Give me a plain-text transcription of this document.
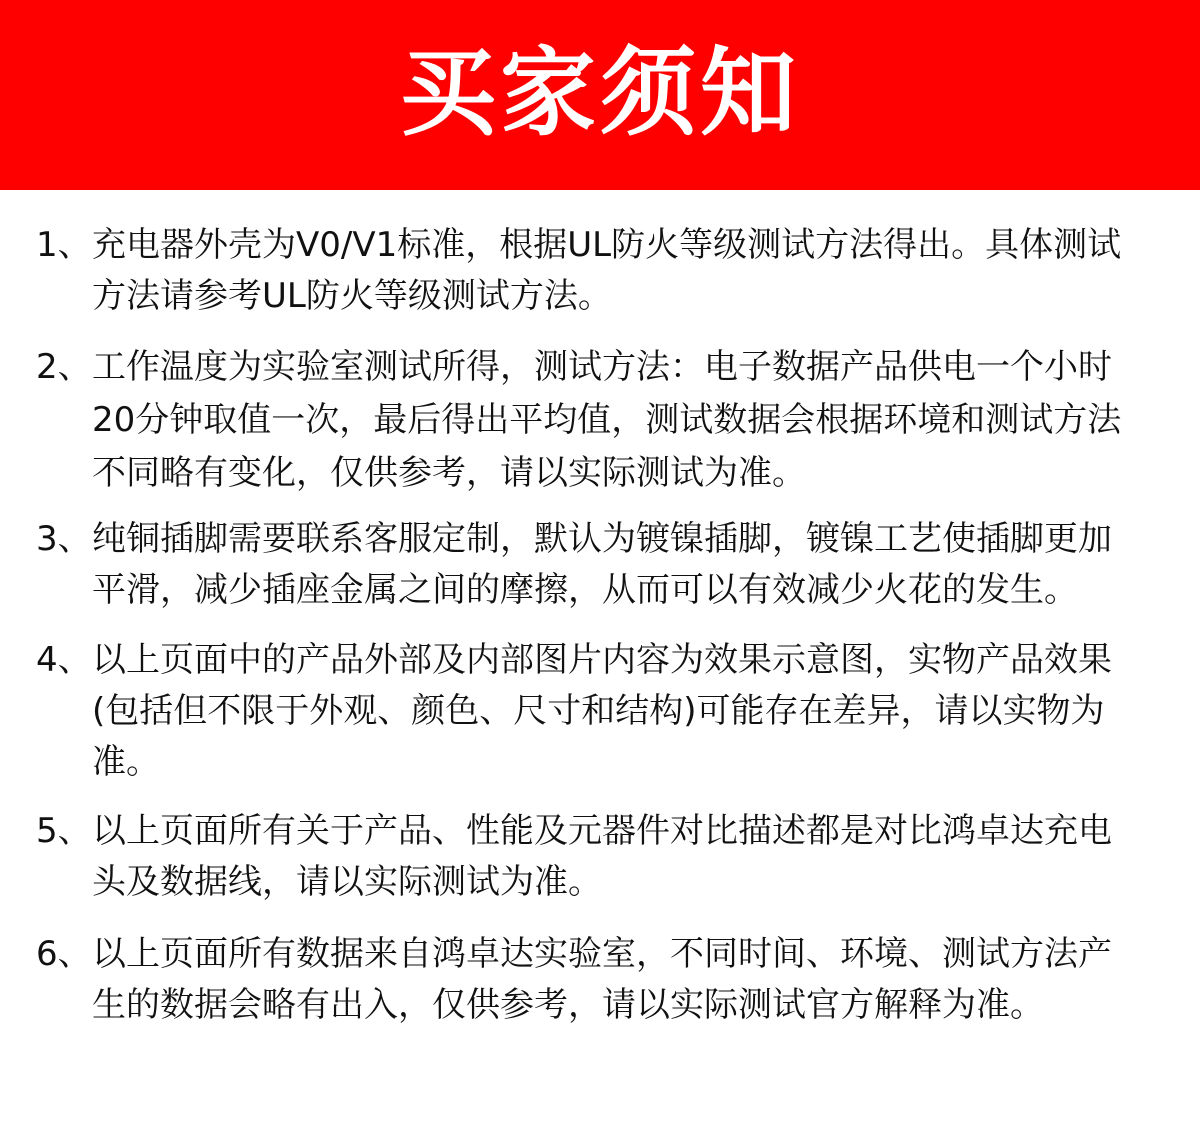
买家须知
1、 充电器外壳为V0/V1标准，根据UL防火等级测试方法得出。具体测试
方法请参考UL防火等级测试方法。
2、 工作温度为实验室测试所得，测试方法：电子数据产品供电一个小时
20分钟取值一次，最后得出平均值，测试数据会根据环境和测试方法
不同略有变化，仅供参考，请以实际测试为准。
3、 纯铜插脚需要联系客服定制，默认为镀镍插脚，镀镍工艺使插脚更加
平滑，减少插座金属之间的摩擦，从而可以有效减少火花的发生。
4、 以上页面中的产品外部及内部图片内容为效果示意图，实物产品效果
(包括但不限于外观、颜色、尺寸和结构)可能存在差异，请以实物为
准。
5、 以上页面所有关于产品、性能及元器件对比描述都是对比鸿卓达充电
头及数据线，请以实际测试为准。
6、 以上页面所有数据来自鸿卓达实验室，不同时间、环境、测试方法产
生的数据会略有出入，仅供参考，请以实际测试官方解释为准。
